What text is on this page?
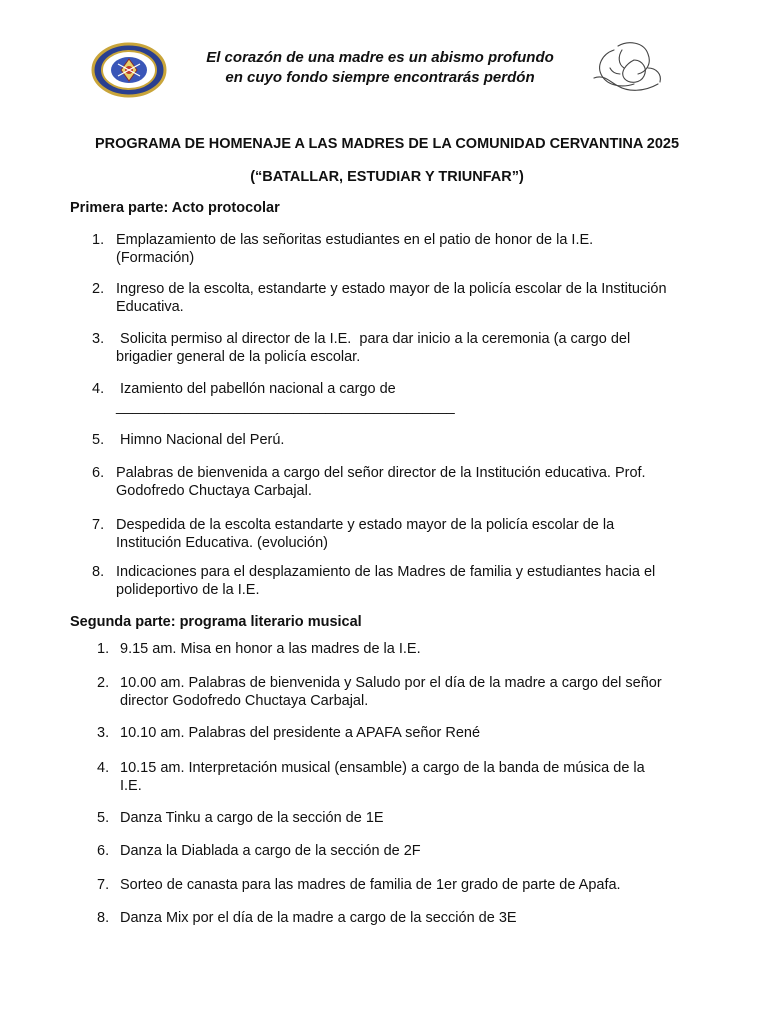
El corazón de una madre es un abismo profundo
en cuyo fondo siempre encontrarás perdón
PROGRAMA DE HOMENAJE A LAS MADRES DE LA COMUNIDAD CERVANTINA 2025
(“BATALLAR, ESTUDIAR Y TRIUNFAR”)
Primera parte: Acto protocolar
1. Emplazamiento de las señoritas estudiantes en el patio de honor de la I.E.
(Formación)
2. Ingreso de la escolta, estandarte y estado mayor de la policía escolar de la Institución
Educativa.
3.	Solicita permiso al director de la I.E.  para dar inicio a la ceremonia (a cargo del
brigadier general de la policía escolar.
4.	Izamiento del pabellón nacional a cargo de
__________________________________________
5. Himno Nacional del Perú.
6. Palabras de bienvenida a cargo del señor director de la Institución educativa. Prof.
Godofredo Chuctaya Carbajal.
7. Despedida de la escolta estandarte y estado mayor de la policía escolar de la
Institución Educativa. (evolución)
8. Indicaciones para el desplazamiento de las Madres de familia y estudiantes hacia el
polideportivo de la I.E.
Segunda parte: programa literario musical
1. 9.15 am. Misa en honor a las madres de la I.E.
2. 10.00 am. Palabras de bienvenida y Saludo por el día de la madre a cargo del señor
director Godofredo Chuctaya Carbajal.
3. 10.10 am. Palabras del presidente a APAFA señor René
4. 10.15 am. Interpretación musical (ensamble) a cargo de la banda de música de la
I.E.
5. Danza Tinku a cargo de la sección de 1E
6. Danza la Diablada a cargo de la sección de 2F
7. Sorteo de canasta para las madres de familia de 1er grado de parte de Apafa.
8. Danza Mix por el día de la madre a cargo de la sección de 3E
